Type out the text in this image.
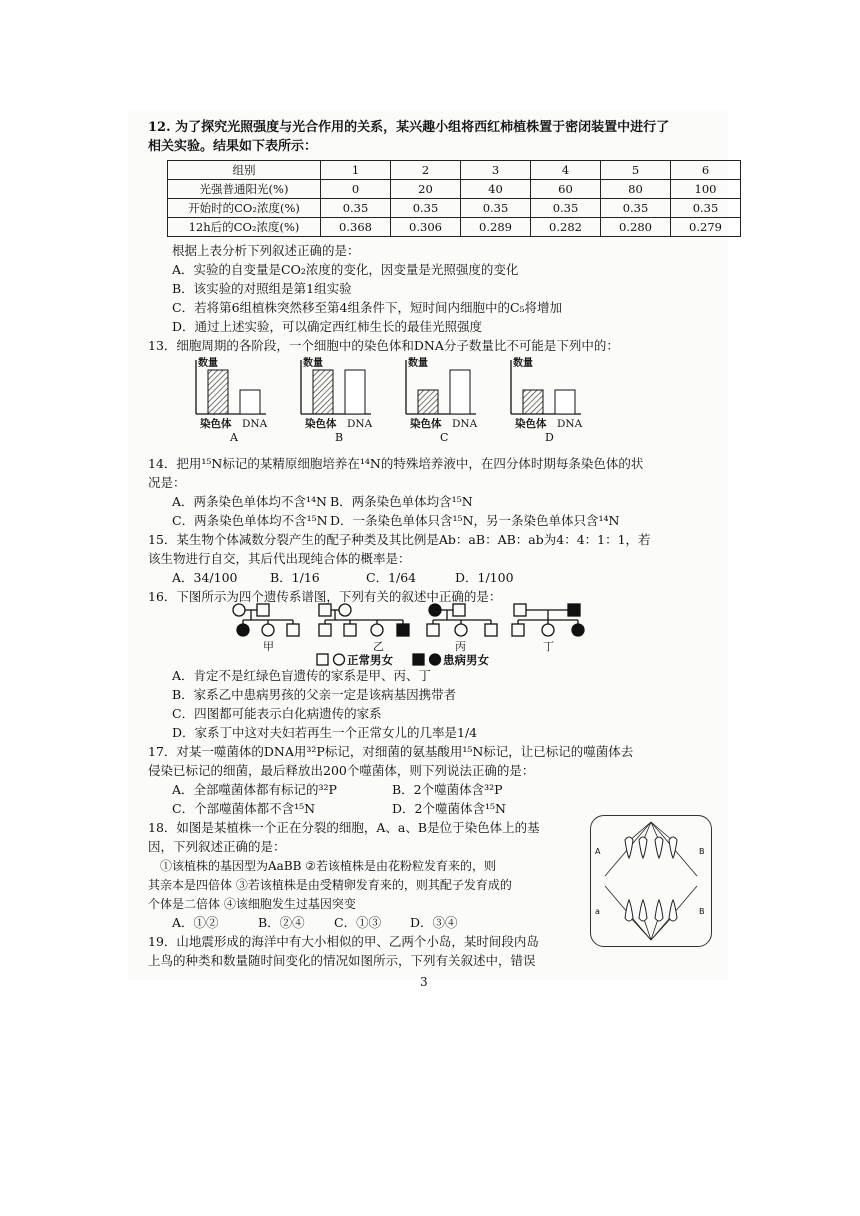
12. 为了探究光照强度与光合作用的关系，某兴趣小组将西红柿植株置于密闭装置中进行了
相关实验。结果如下表所示：
组别	1	2	3	4	5	6
光强普通阳光(%)	0	20	40	60	80	100
开始时的CO₂浓度(%)	0.35	0.35	0.35	0.35	0.35	0.35
12h后的CO₂浓度(%)	0.368	0.306	0.289	0.282	0.280	0.279
根据上表分析下列叙述正确的是：
A．实验的自变量是CO₂浓度的变化，因变量是光照强度的变化
B．该实验的对照组是第1组实验
C．若将第6组植株突然移至第4组条件下，短时间内细胞中的C₅将增加
D．通过上述实验，可以确定西红柿生长的最佳光照强度
13．细胞周期的各阶段，一个细胞中的染色体和DNA分子数量比不可能是下列中的：
数量
染色体 DNA
A
数量
染色体 DNA
B
数量
染色体 DNA
C
数量
染色体 DNA
D
14．把用¹⁵N标记的某精原细胞培养在¹⁴N的特殊培养液中，在四分体时期每条染色体的状
况是：
A．两条染色单体均不含¹⁴N B．两条染色单体均含¹⁵N
C．两条染色单体均不含¹⁵N D．一条染色单体只含¹⁵N，另一条染色单体只含¹⁴N
15．某生物个体减数分裂产生的配子种类及其比例是Ab：aB：AB：ab为4：4：1：1，若
该生物进行自交，其后代出现纯合体的概率是：
A．34/100	B．1/16	C．1/64	D．1/100
16．下图所示为四个遗传系谱图，下列有关的叙述中正确的是：
甲	乙	丙	丁
正常男女	患病男女
A．肯定不是红绿色盲遗传的家系是甲、丙、丁
B．家系乙中患病男孩的父亲一定是该病基因携带者
C．四图都可能表示白化病遗传的家系
D．家系丁中这对夫妇若再生一个正常女儿的几率是1/4
17．对某一噬菌体的DNA用³²P标记，对细菌的氨基酸用¹⁵N标记，让已标记的噬菌体去
侵染已标记的细菌，最后释放出200个噬菌体，则下列说法正确的是：
A．全部噬菌体都有标记的³²P	B．2个噬菌体含³²P
C．个部噬菌体都不含¹⁵N	D．2个噬菌体含¹⁵N
18．如图是某植株一个正在分裂的细胞，A、a、B是位于染色体上的基
因，下列叙述正确的是：
①该植株的基因型为AaBB ②若该植株是由花粉粒发育来的，则
其亲本是四倍体 ③若该植株是由受精卵发育来的，则其配子发育成的
个体是二倍体 ④该细胞发生过基因突变
A．①②	B．②④ C．①③ D．③④
A	B
a	B
19．山地震形成的海洋中有大小相似的甲、乙两个小岛，某时间段内岛
上鸟的种类和数量随时间变化的情况如图所示，下列有关叙述中，错误
3
